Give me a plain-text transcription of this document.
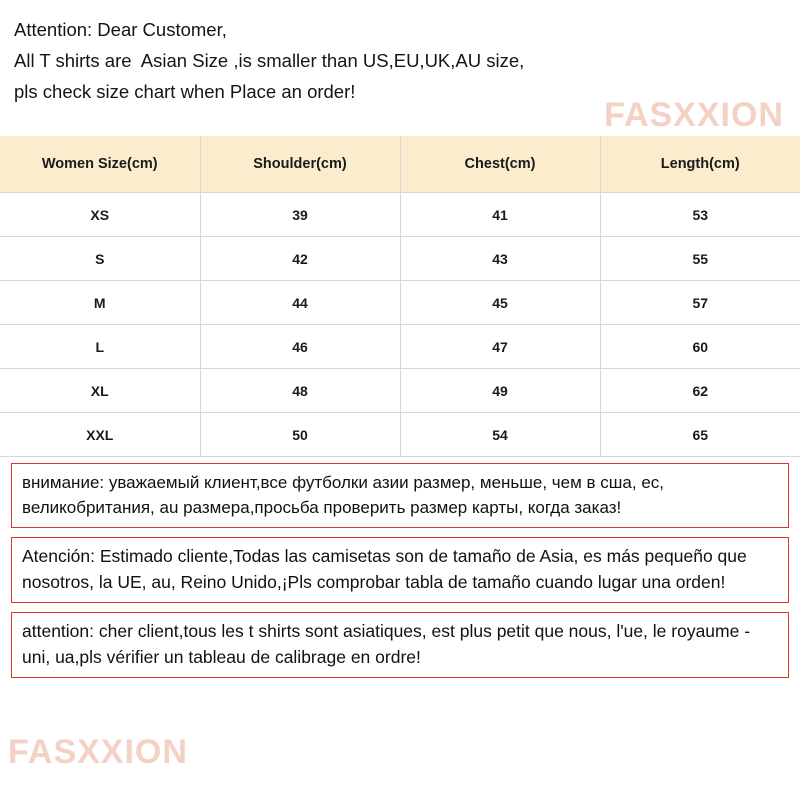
Attention: Dear Customer,
All T shirts are  Asian Size ,is smaller than US,EU,UK,AU size,
pls check size chart when Place an order!
FASXXION
Women Size(cm)	Shoulder(cm)	Chest(cm)	Length(cm)
XS	39	41	53
S	42	43	55
M	44	45	57
L	46	47	60
XL	48	49	62
XXL	50	54	65
внимание: уважаемый клиент,все футболки азии размер, меньше, чем в сша, ес, великобритания, au размера,просьба проверить размер карты, когда заказ!
Atención: Estimado cliente,Todas las camisetas son de tamaño de Asia, es más pequeño que nosotros, la UE, au, Reino Unido,¡Pls comprobar tabla de tamaño cuando lugar una orden!
attention: cher client,tous les t shirts sont asiatiques, est plus petit que nous, l'ue, le royaume - uni, ua,pls vérifier un tableau de calibrage en ordre!
FASXXION
